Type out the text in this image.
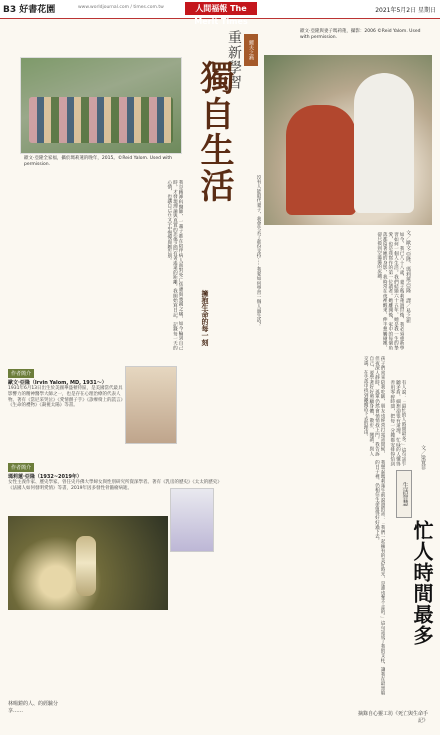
B3 好書花園	www.worldjournal.com / times.com.tw	人間福報 The Merit Times
2021年5月2日 星期日
歐文·亞隆全家福，攝於瑪莉蓮的晚年，2015。©Reid Yalom. Used with permission.
歐文·亞隆與妻子瑪莉蓮，攝影：2006 ©Reid Yalom. Used with permission.
鰥夫之痛
重新學習
獨自生活
文／歐文·亞隆、瑪莉蓮·亞隆　譯／易之新
如今，我已八十八歲，妻子瑪莉蓮過世後，我必須重新學習如何一個人生活。我們結婚六十五年，她是我一生的摯愛，也是我寫作的第一位讀者。她離開後，家中的每個角落都留著她的身影，我時常在夜裡醒來，伸手想觸碰她，卻只摸到空蕩蕩的床鋪。
沒有人能取代妻子，我會失去了那份支持……我要如何學習一個人過生活？
擁抱生命的每一刻
我是精神科醫師，一輩子都在陪伴病人面對死亡焦慮與喪親之痛，如今輪到自己時，才發現理論與真實的悲傷之間有著遙遠的距離。我開始寫日記，記錄每一天的心情，也讓自己在文字中慢慢與她告別。
孩子們常來陪我吃飯，朋友也經常打電話問候，但夜深人靜時，孤單仍然會悄悄找上門。我告訴自己，要學著好好照顧身體，散步、閱讀、與人交談，在失落中找到繼續活下去的理由。
我想起瑪莉蓮生前說過的話：「我們一起擁有的美好時光，是誰也奪不走的。」這句話成了我的支柱，讓我在最黑暗的日子裡，仍相信生命值得好好過下去。
作者簡介
歐文·亞隆（Irvin Yalom, MD, 1931～）
1931年6月13日出生於美國華盛頓特區，是美國當代最具影響力的精神醫學大師之一，也是存在心理治療的代表人物。著有《當尼采哭泣》《愛情劊子手》《診療椅上的謊言》《生命的禮物》《凝視太陽》等書。
作者簡介
瑪莉蓮·亞隆（1932~2019年）
女性主義作家、歷史學家，曾任史丹佛大學婦女與性別研究所資深學者。著有《乳房的歷史》《太太的歷史》《法國人如何發明愛情》等書，2019年因多發性骨髓瘤病逝。	生活智慧
文／梁寬菲
忙人時間最多
有人說：「最忙的人時間最多。」這句話乍聽矛盾，細想卻很有道理。忙碌的人懂得善用零碎時間，把每一分鐘都安排得恰到
林暘鎧的人、的經驗分享……	摘錄自心靈工坊《死亡與生命手記》
